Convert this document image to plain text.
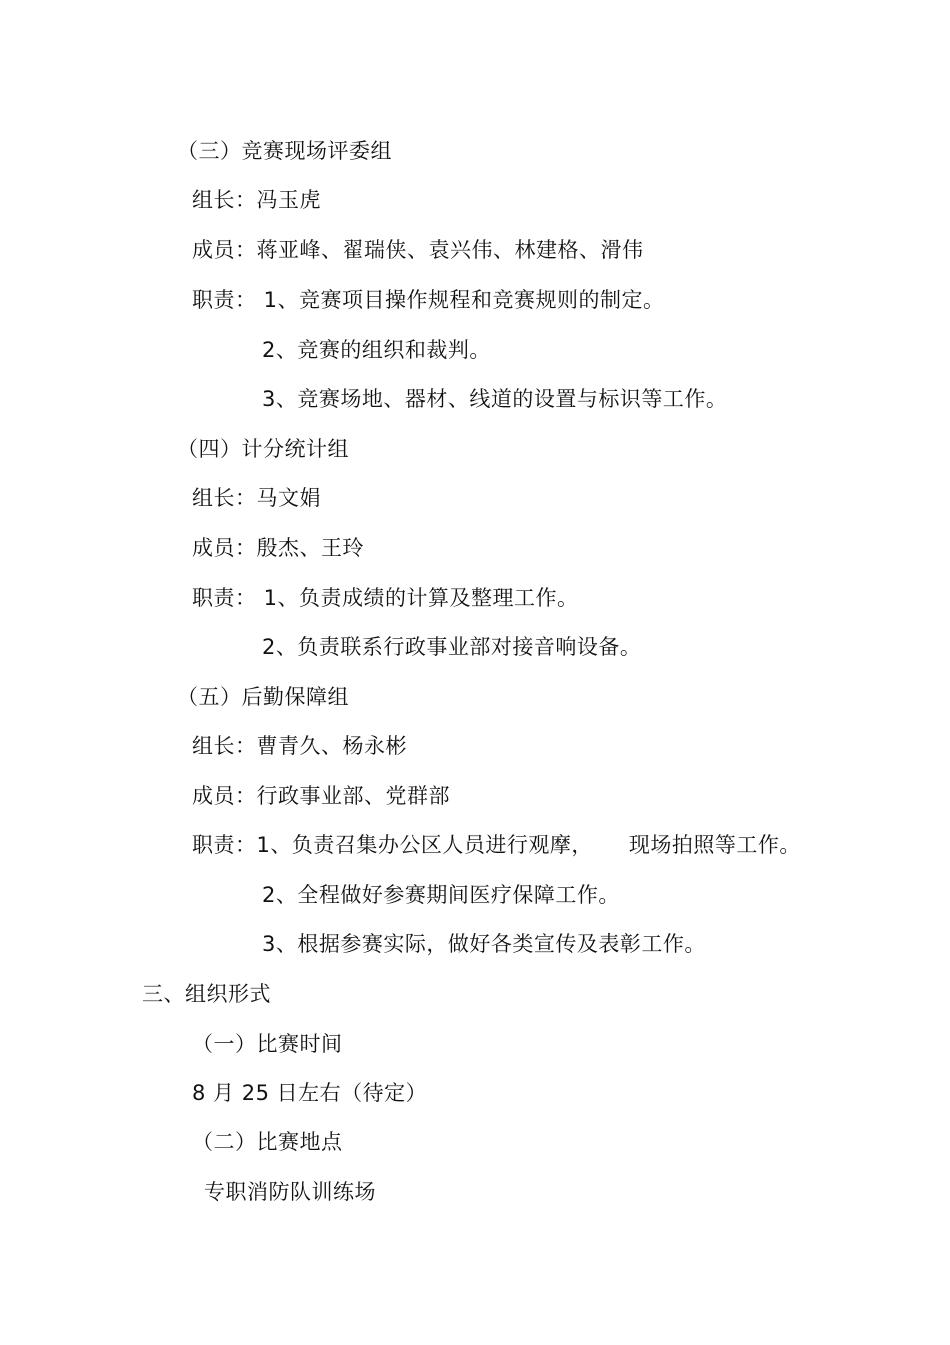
（三）竞赛现场评委组
组长：冯玉虎
成员：蒋亚峰、翟瑞侠、袁兴伟、林建格、滑伟
职责： 1、竞赛项目操作规程和竞赛规则的制定。
2、竞赛的组织和裁判。
3、竞赛场地、器材、线道的设置与标识等工作。
（四）计分统计组
组长：马文娟
成员：殷杰、王玲
职责： 1、负责成绩的计算及整理工作。
2、负责联系行政事业部对接音响设备。
（五）后勤保障组
组长：曹青久、杨永彬
成员：行政事业部、党群部
职责：1、负责召集办公区人员进行观摩， 现场拍照等工作。
2、全程做好参赛期间医疗保障工作。
3、根据参赛实际，做好各类宣传及表彰工作。
三、组织形式
（一）比赛时间
8 月 25 日左右（待定）
（二）比赛地点
专职消防队训练场
